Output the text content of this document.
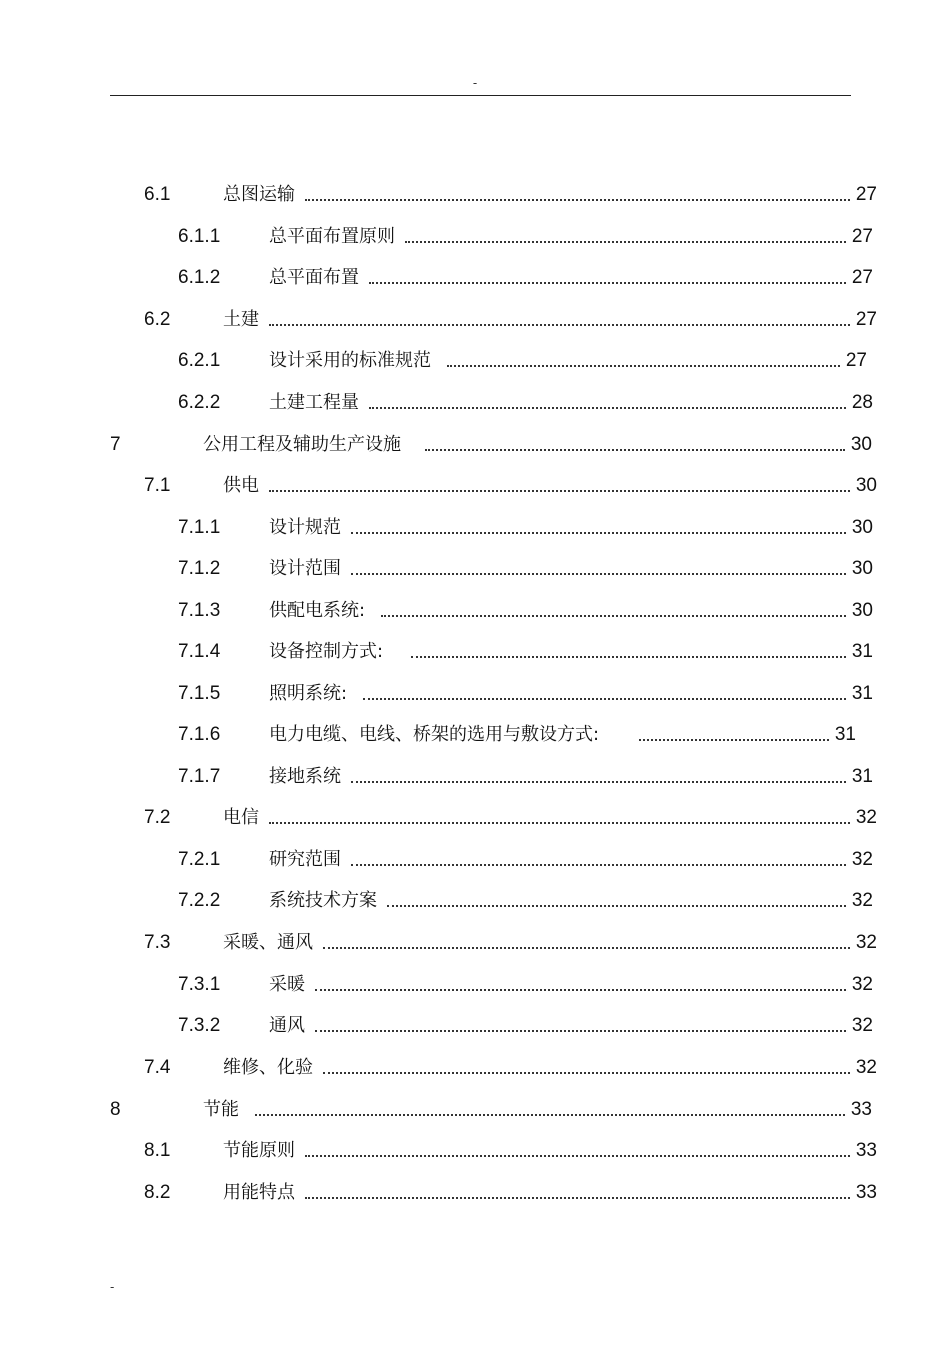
-
6.1	总图运输	27
6.1.1	总平面布置原则	27
6.1.2	总平面布置	27
6.2	土建	27
6.2.1	设计采用的标准规范	27
6.2.2	土建工程量	28
7	公用工程及辅助生产设施	30
7.1	供电	30
7.1.1	设计规范	30
7.1.2	设计范围	30
7.1.3	供配电系统:	30
7.1.4	设备控制方式:	31
7.1.5	照明系统:	31
7.1.6	电力电缆、电线、桥架的选用与敷设方式:	31
7.1.7	接地系统	31
7.2	电信	32
7.2.1	研究范围	32
7.2.2	系统技术方案	32
7.3	采暖、通风	32
7.3.1	采暖	32
7.3.2	通风	32
7.4	维修、化验	32
8	节能	33
8.1	节能原则	33
8.2	用能特点	33
-
